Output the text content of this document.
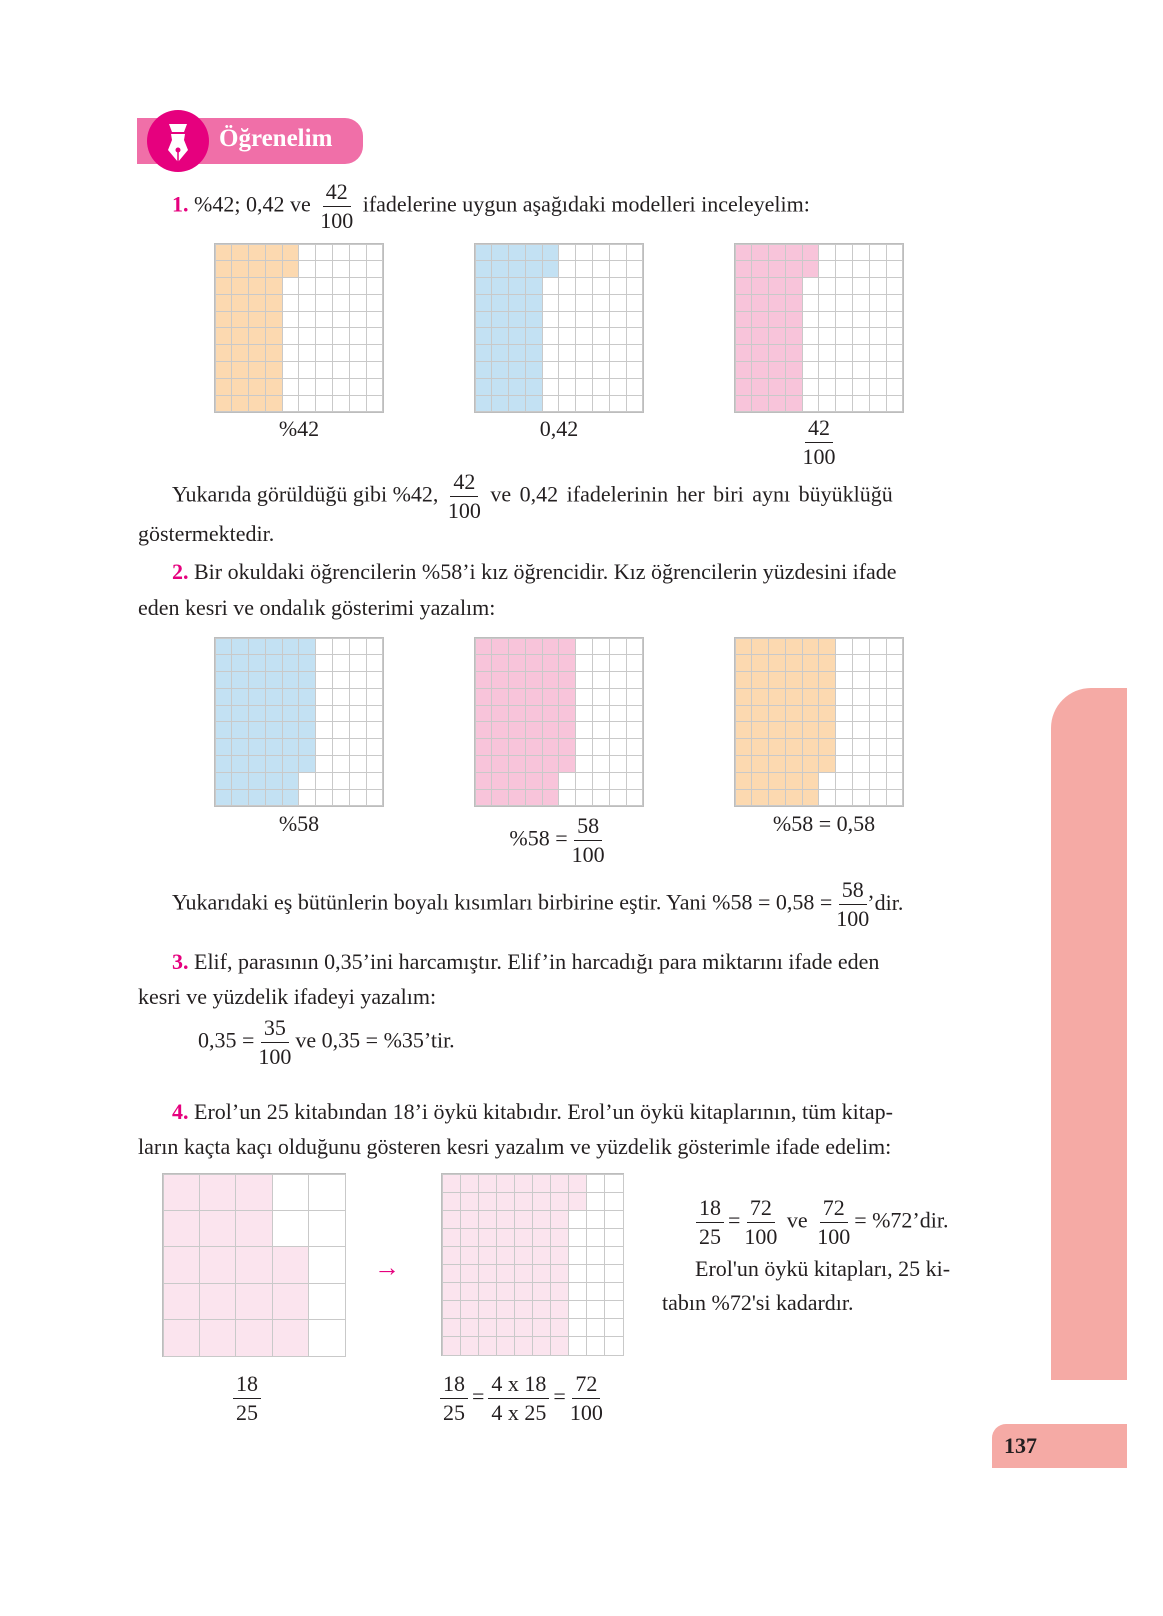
Öğrenelim
1. %42; 0,42 ve $\frac{42}{100}$ ifadelerine uygun aşağıdaki modelleri inceleyelim:
%42	0,42	$\frac{42}{100}$
Yukarıda görüldüğü gibi %42, $\frac{42}{100}$ ve 0,42 ifadelerinin her biri aynı büyüklüğü
göstermektedir.
2. Bir okuldaki öğrencilerin %58’i kız öğrencidir. Kız öğrencilerin yüzdesini ifade
eden kesri ve ondalık gösterimi yazalım:
%58
$\%58 = \frac{58}{100}$	%58 = 0,58
Yukarıdaki eş bütünlerin boyalı kısımları birbirine eştir. Yani $\%58 = 0,58 = \frac{58}{100}$
’dir.
3. Elif, parasının 0,35’ini harcamıştır. Elif’in harcadığı para miktarını ifade eden
kesri ve yüzdelik ifadeyi yazalım:
$0,35 = \frac{35}{100}$ ve 0,35 = %35’tir.
4. Erol’un 25 kitabından 18’i öykü kitabıdır. Erol’un öykü kitaplarının, tüm kitap-
ların kaçta kaçı olduğunu gösteren kesri yazalım ve yüzdelik gösterimle ifade edelim:
→
$\frac{18}{25}$	$\frac{18}{25} = \frac{4 x 18}{4 x 25} = \frac{72}{100}$
$\frac{18}{25} = \frac{72}{100}$ ve $\frac{72}{100}$ = %72’dir.
Erol'un öykü kitapları, 25 ki-
tabın %72'si kadardır.
137
